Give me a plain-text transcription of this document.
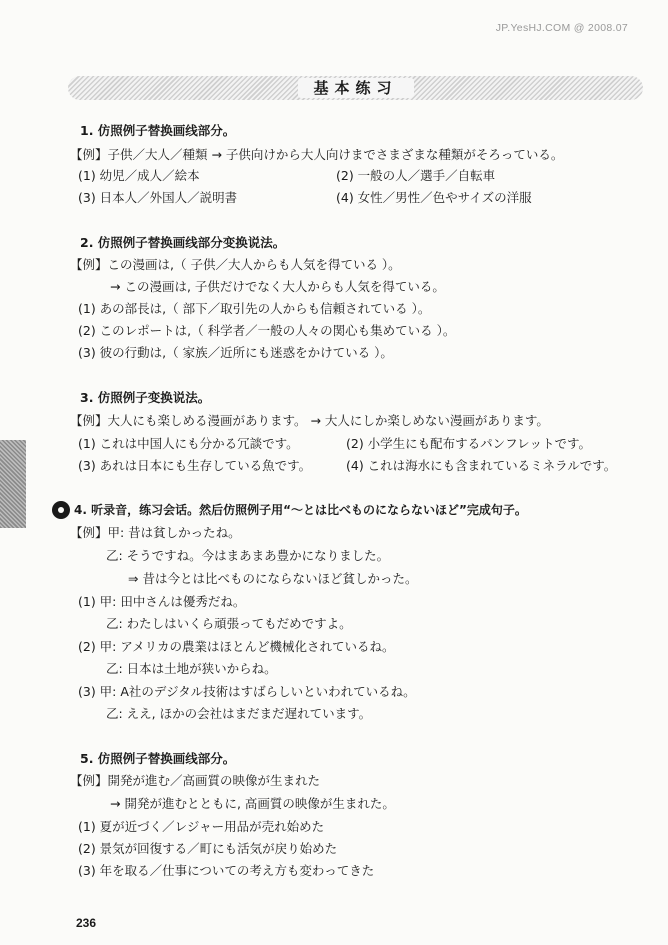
JP.YesHJ.COM @ 2008.07
基本练习
1. 仿照例子替换画线部分。
【例】子供／大人／種類 → 子供向けから大人向けまでさまざまな種類がそろっている。
(1) 幼児／成人／絵本	(2) 一般の人／選手／自転車
(3) 日本人／外国人／説明書	(4) 女性／男性／色やサイズの洋服
2. 仿照例子替换画线部分变换说法。
【例】この漫画は,（ 子供／大人からも人気を得ている ）。
→ この漫画は, 子供だけでなく大人からも人気を得ている。
(1) あの部長は,（ 部下／取引先の人からも信頼されている ）。
(2) このレポートは,（ 科学者／一般の人々の関心も集めている ）。
(3) 彼の行動は,（ 家族／近所にも迷惑をかけている ）。
3. 仿照例子变换说法。
【例】大人にも楽しめる漫画があります。 → 大人にしか楽しめない漫画があります。
(1) これは中国人にも分かる冗談です。	(2) 小学生にも配布するパンフレットです。
(3) あれは日本にも生存している魚です。	(4) これは海水にも含まれているミネラルです。
4. 听录音，练习会话。然后仿照例子用“～とは比べものにならないほど”完成句子。
【例】甲: 昔は貧しかったね。
乙: そうですね。今はまあまあ豊かになりました。
⇒ 昔は今とは比べものにならないほど貧しかった。
(1) 甲: 田中さんは優秀だね。
乙: わたしはいくら頑張ってもだめですよ。
(2) 甲: アメリカの農業はほとんど機械化されているね。
乙: 日本は土地が狭いからね。
(3) 甲: A社のデジタル技術はすばらしいといわれているね。
乙: ええ, ほかの会社はまだまだ遅れています。
5. 仿照例子替换画线部分。
【例】開発が進む／高画質の映像が生まれた
→ 開発が進むとともに, 高画質の映像が生まれた。
(1) 夏が近づく／レジャー用品が売れ始めた
(2) 景気が回復する／町にも活気が戻り始めた
(3) 年を取る／仕事についての考え方も変わってきた
236
